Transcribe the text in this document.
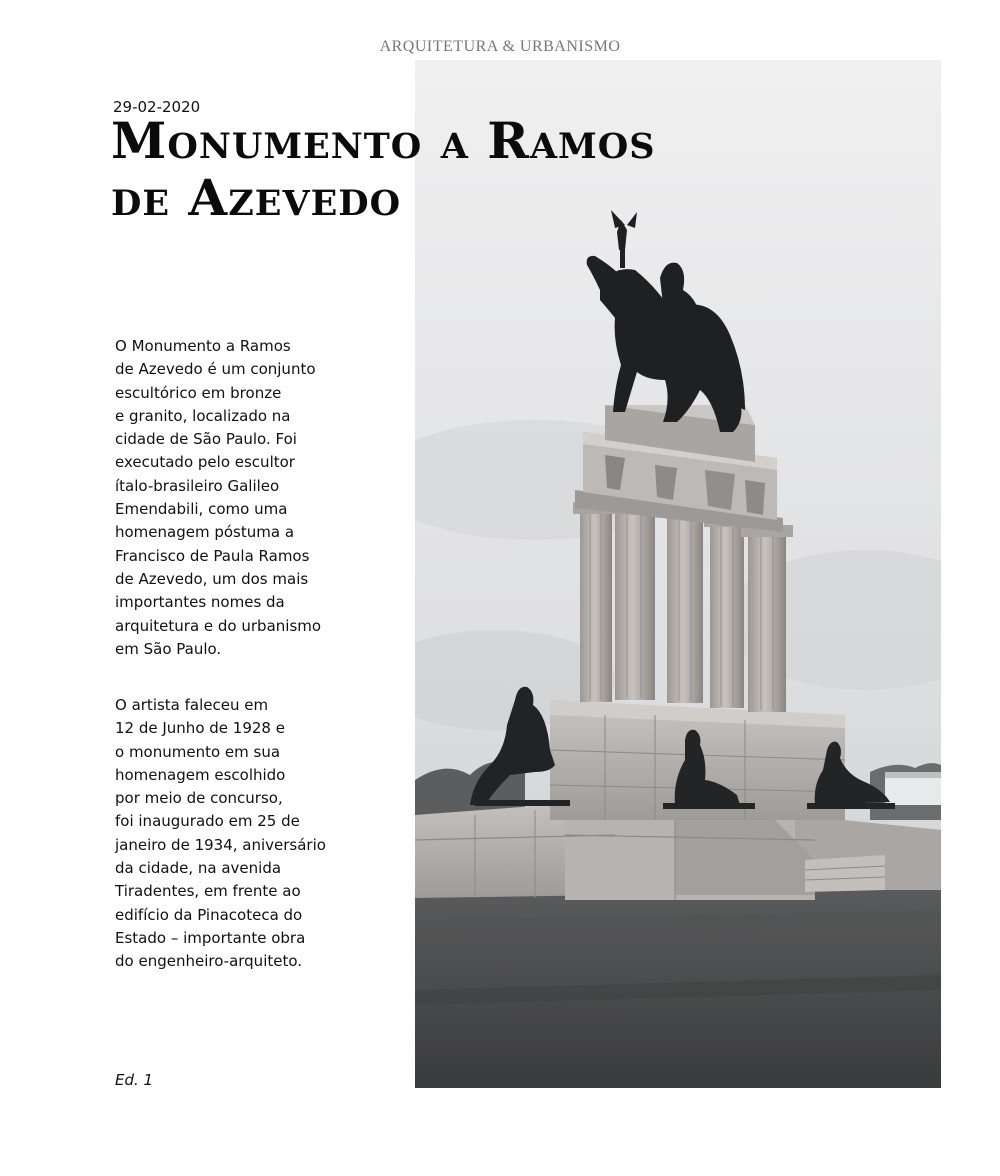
ARQUITETURA & URBANISMO
29-02-2020
Monumento a Ramos
de Azevedo

O Monumento a Ramos
de Azevedo é um conjunto
escultórico em bronze
e granito, localizado na
cidade de São Paulo. Foi
executado pelo escultor
ítalo-brasileiro Galileo
Emendabili, como uma
homenagem póstuma a
Francisco de Paula Ramos
de Azevedo, um dos mais
importantes nomes da
arquitetura e do urbanismo
em São Paulo.

O artista faleceu em
12 de Junho de 1928 e
o monumento em sua
homenagem escolhido
por meio de concurso,
foi inaugurado em 25 de
janeiro de 1934, aniversário
da cidade, na avenida
Tiradentes, em frente ao
edifício da Pinacoteca do
Estado – importante obra
do engenheiro-arquiteto.

Ed. 1
